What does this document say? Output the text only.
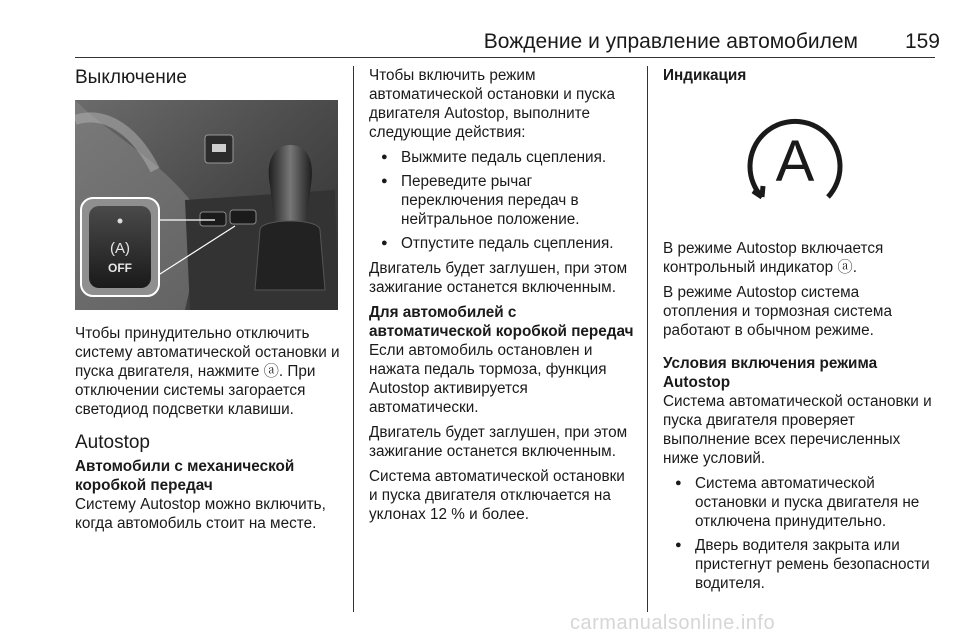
Вождение и управление автомобилем	159
Выключение
(A)
OFF

Чтобы принудительно отключить систему автоматической остановки и пуска двигателя, нажмите ⓐ. При отключении системы загорается светодиод подсветки клавиши.

Autostop
Автомобили с механической коробкой передач

Систему Autostop можно включить, когда автомобиль стоит на месте.

Чтобы включить режим автоматической остановки и пуска двигателя Autostop, выполните следующие действия:

● Выжмите педаль сцепления.
● Переведите рычаг переключения передач в нейтральное положение.
● Отпустите педаль сцепления.

Двигатель будет заглушен, при этом зажигание останется включенным.

Для автомобилей с автоматической коробкой передач

Если автомобиль остановлен и нажата педаль тормоза, функция Autostop активируется автоматически.

Двигатель будет заглушен, при этом зажигание останется включенным.

Система автоматической остановки и пуска двигателя отключается на уклонах 12 % и более.

Индикация
A

В режиме Autostop включается контрольный индикатор ⓐ.

В режиме Autostop система отопления и тормозная система работают в обычном режиме.

Условия включения режима Autostop

Система автоматической остановки и пуска двигателя проверяет выполнение всех перечисленных ниже условий.

● Система автоматической остановки и пуска двигателя не отключена принудительно.
● Дверь водителя закрыта или пристегнут ремень безопасности водителя.
carmanualsonline.info
